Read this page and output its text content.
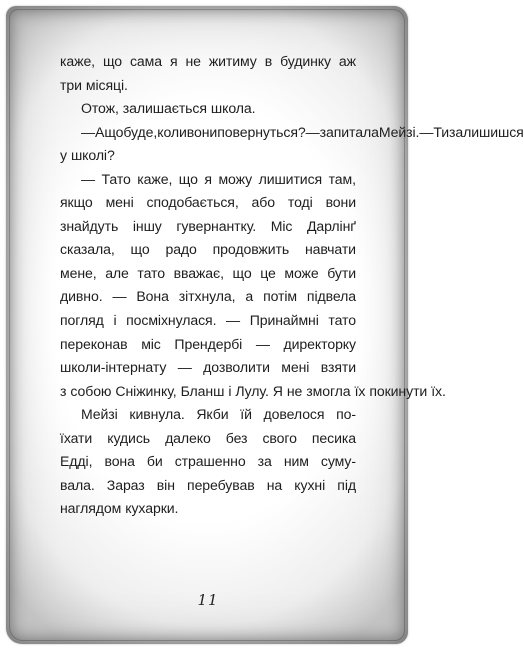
каже, що сама я не житиму в будинку аж
три місяці.
Отож, залишається школа.
— А що буде, коли вони повернуться? — запитала Мейзі. — Ти залишишся
у школі?
— Тато каже, що я можу лишитися там,
якщо мені сподобається, або тоді вони
знайдуть іншу гувернантку. Міс Дарлінґ
сказала, що радо продовжить навчати
мене, але тато вважає, що це може бути
дивно. — Вона зітхнула, а потім підвела
погляд і посміхнулася. — Принаймні тато
переконав міс Прендербі — директорку
школи-інтернату — дозволити мені взяти
з собою Сніжинку, Бланш і Лулу. Я не змогла їх покинути їх.
Мейзі кивнула. Якби їй довелося по-
їхати кудись далеко без свого песика
Едді, вона би страшенно за ним суму-
вала. Зараз він перебував на кухні під
наглядом кухарки.
11
